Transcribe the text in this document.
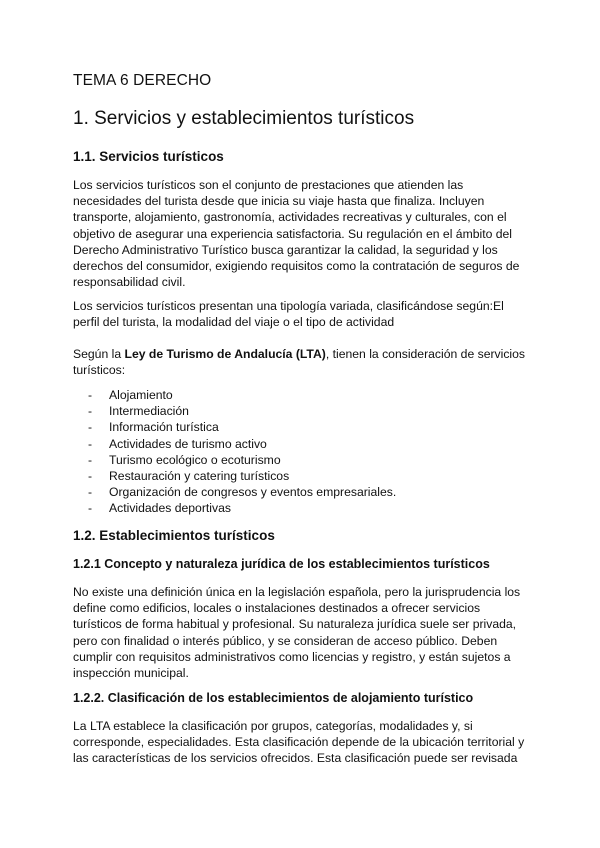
TEMA 6 DERECHO

1. Servicios y establecimientos turísticos

1.1. Servicios turísticos

Los servicios turísticos son el conjunto de prestaciones que atienden las necesidades del turista desde que inicia su viaje hasta que finaliza. Incluyen transporte, alojamiento, gastronomía, actividades recreativas y culturales, con el objetivo de asegurar una experiencia satisfactoria. Su regulación en el ámbito del Derecho Administrativo Turístico busca garantizar la calidad, la seguridad y los derechos del consumidor, exigiendo requisitos como la contratación de seguros de responsabilidad civil.

Los servicios turísticos presentan una tipología variada, clasificándose según:El perfil del turista, la modalidad del viaje o el tipo de actividad

Según la Ley de Turismo de Andalucía (LTA), tienen la consideración de servicios turísticos:

- Alojamiento
- Intermediación
- Información turística
- Actividades de turismo activo
- Turismo ecológico o ecoturismo
- Restauración y catering turísticos
- Organización de congresos y eventos empresariales.
- Actividades deportivas

1.2. Establecimientos turísticos

1.2.1 Concepto y naturaleza jurídica de los establecimientos turísticos

No existe una definición única en la legislación española, pero la jurisprudencia los define como edificios, locales o instalaciones destinados a ofrecer servicios turísticos de forma habitual y profesional. Su naturaleza jurídica suele ser privada, pero con finalidad o interés público, y se consideran de acceso público. Deben cumplir con requisitos administrativos como licencias y registro, y están sujetos a inspección municipal.

1.2.2. Clasificación de los establecimientos de alojamiento turístico

La LTA establece la clasificación por grupos, categorías, modalidades y, si corresponde, especialidades. Esta clasificación depende de la ubicación territorial y las características de los servicios ofrecidos. Esta clasificación puede ser revisada
